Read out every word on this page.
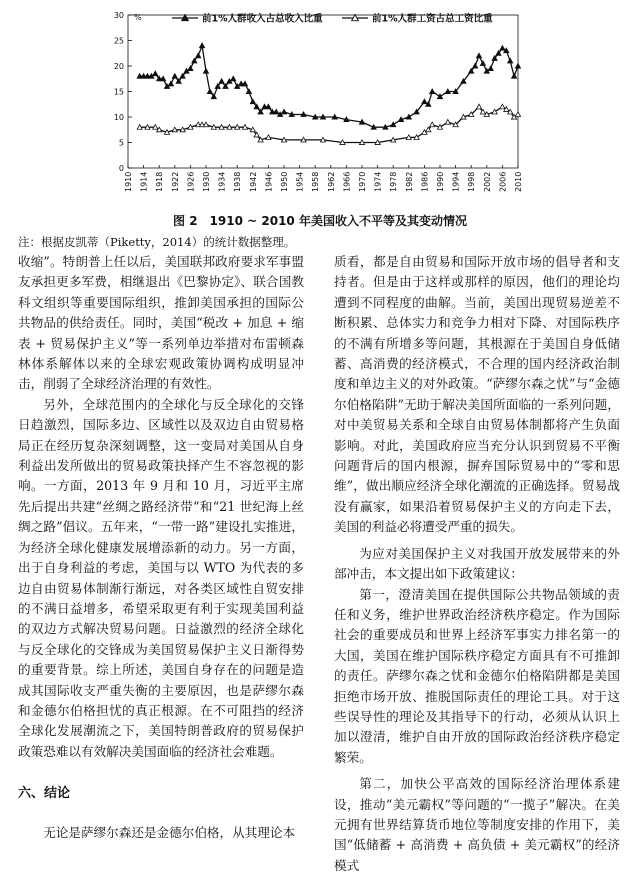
0
5
10
15
20
25
30 %
1910 1914 1918 1922 1926 1930 1934 1938 1942 1946 1950 1954 1958 1962 1966 1970 1974 1978 1982 1986 1990 1994 1998 2002 2006 2010
前1%人群收入占总收入比重	前1%人群工资占总工资比重
图 2　1910 ~ 2010 年美国收入不平等及其变动情况
注：根据皮凯蒂（Piketty，2014）的统计数据整理。

收缩”。特朗普上任以后，美国联邦政府要求军事盟友承担更多军费，相继退出《巴黎协定》、联合国教科文组织等重要国际组织，推卸美国承担的国际公共物品的供给责任。同时，美国“税改 + 加息 + 缩表 + 贸易保护主义”等一系列单边举措对布雷顿森林体系解体以来的全球宏观政策协调构成明显冲击，削弱了全球经济治理的有效性。

另外，全球范围内的全球化与反全球化的交锋日趋激烈，国际多边、区域性以及双边自由贸易格局正在经历复杂深刻调整，这一变局对美国从自身利益出发所做出的贸易政策抉择产生不容忽视的影响。一方面，2013 年 9 月和 10 月，习近平主席先后提出共建“丝绸之路经济带”和“21 世纪海上丝绸之路”倡议。五年来，“一带一路”建设扎实推进，为经济全球化健康发展增添新的动力。另一方面，出于自身利益的考虑，美国与以 WTO 为代表的多边自由贸易体制渐行渐远，对各类区域性自贸安排的不满日益增多，希望采取更有利于实现美国利益的双边方式解决贸易问题。日益激烈的经济全球化与反全球化的交锋成为美国贸易保护主义日渐得势的重要背景。综上所述，美国自身存在的问题是造成其国际收支严重失衡的主要原因，也是萨缪尔森和金德尔伯格担忧的真正根源。在不可阻挡的经济全球化发展潮流之下，美国特朗普政府的贸易保护政策恐难以有效解决美国面临的经济社会难题。

六、结论

无论是萨缪尔森还是金德尔伯格，从其理论本

质看，都是自由贸易和国际开放市场的倡导者和支持者。但是由于这样或那样的原因，他们的理论均遭到不同程度的曲解。当前，美国出现贸易逆差不断积累、总体实力和竞争力相对下降、对国际秩序的不满有所增多等问题，其根源在于美国自身低储蓄、高消费的经济模式，不合理的国内经济政治制度和单边主义的对外政策。“萨缪尔森之忧”与“金德尔伯格陷阱”无助于解决美国所面临的一系列问题，对中美贸易关系和全球自由贸易体制都将产生负面影响。对此，美国政府应当充分认识到贸易不平衡问题背后的国内根源，摒弃国际贸易中的“零和思维”，做出顺应经济全球化潮流的正确选择。贸易战没有赢家，如果沿着贸易保护主义的方向走下去，美国的利益必将遭受严重的损失。

为应对美国保护主义对我国开放发展带来的外部冲击，本文提出如下政策建议：

第一，澄清美国在提供国际公共物品领域的责任和义务，维护世界政治经济秩序稳定。作为国际社会的重要成员和世界上经济军事实力排名第一的大国，美国在维护国际秩序稳定方面具有不可推卸的责任。萨缪尔森之忧和金德尔伯格陷阱都是美国拒绝市场开放、推脱国际责任的理论工具。对于这些误导性的理论及其指导下的行动，必须从认识上加以澄清，维护自由开放的国际政治经济秩序稳定繁荣。

第二，加快公平高效的国际经济治理体系建设，推动“美元霸权”等问题的“一揽子”解决。在美元拥有世界结算货币地位等制度安排的作用下，美国“低储蓄 + 高消费 + 高负债 + 美元霸权”的经济模式
